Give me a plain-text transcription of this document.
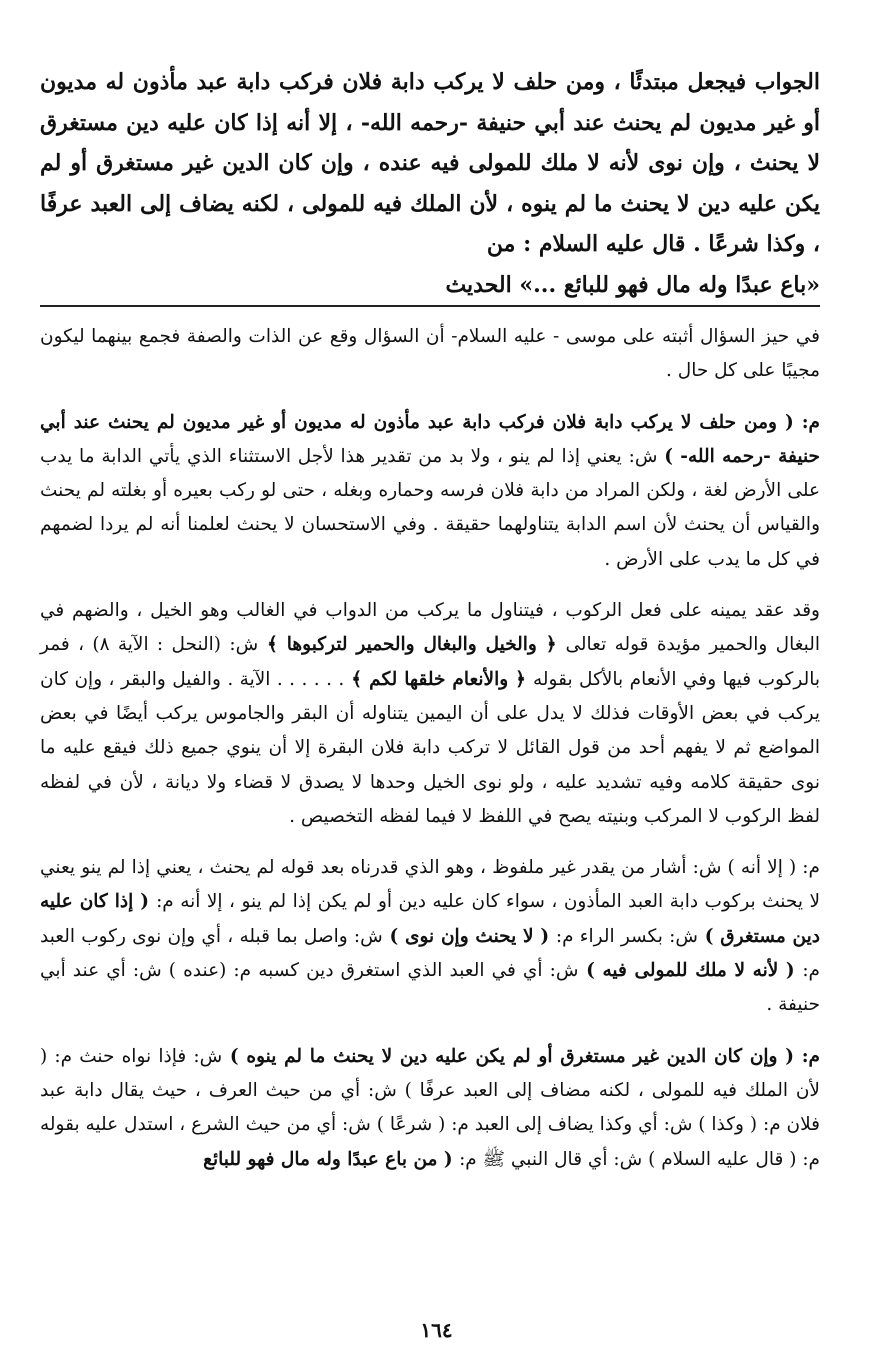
الجواب فيجعل مبتدئًا ، ومن حلف لا يركب دابة فلان فركب دابة عبد مأذون له مديون أو غير مديون لم يحنث عند أبي حنيفة -رحمه الله- ، إلا أنه إذا كان عليه دين مستغرق لا يحنث ، وإن نوى لأنه لا ملك للمولى فيه عنده ، وإن كان الدين غير مستغرق أو لم يكن عليه دين لا يحنث ما لم ينوه ، لأن الملك فيه للمولى ، لكنه يضاف إلى العبد عرفًا ، وكذا شرعًا . قال عليه السلام : من
«باع عبدًا وله مال فهو للبائع ...» الحديث

في حيز السؤال أثبته على موسى - عليه السلام- أن السؤال وقع عن الذات والصفة فجمع بينهما ليكون مجيبًا على كل حال .

م: ( ومن حلف لا يركب دابة فلان فركب دابة عبد مأذون له مديون أو غير مديون لم يحنث عند أبي حنيفة -رحمه الله- ) ش: يعني إذا لم ينو ، ولا بد من تقدير هذا لأجل الاستثناء الذي يأتي الدابة ما يدب على الأرض لغة ، ولكن المراد من دابة فلان فرسه وحماره وبغله ، حتى لو ركب بعيره أو بغلته لم يحنث والقياس أن يحنث لأن اسم الدابة يتناولهما حقيقة . وفي الاستحسان لا يحنث لعلمنا أنه لم يردا لضمهم في كل ما يدب على الأرض .

وقد عقد يمينه على فعل الركوب ، فيتناول ما يركب من الدواب في الغالب وهو الخيل ، والضهم في البغال والحمير مؤيدة قوله تعالى ﴿ والخيل والبغال والحمير لتركبوها ﴾ ش: (النحل : الآية ٨) ، فمر بالركوب فيها وفي الأنعام بالأكل بقوله ﴿ والأنعام خلقها لكم ﴾ . . . . . . الآية . والفيل والبقر ، وإن كان يركب في بعض الأوقات فذلك لا يدل على أن اليمين يتناوله أن البقر والجاموس يركب أيضًا في بعض المواضع ثم لا يفهم أحد من قول القائل لا تركب دابة فلان البقرة إلا أن ينوي جميع ذلك فيقع عليه ما نوى حقيقة كلامه وفيه تشديد عليه ، ولو نوى الخيل وحدها لا يصدق لا قضاء ولا ديانة ، لأن في لفظه لفظ الركوب لا المركب وبنيته يصح في اللفظ لا فيما لفظه التخصيص .

م: ( إلا أنه ) ش: أشار من يقدر غير ملفوظ ، وهو الذي قدرناه بعد قوله لم يحنث ، يعني إذا لم ينو يعني لا يحنث بركوب دابة العبد المأذون ، سواء كان عليه دين أو لم يكن إذا لم ينو ، إلا أنه م: ( إذا كان عليه دين مستغرق ) ش: بكسر الراء م: ( لا يحنث وإن نوى ) ش: واصل بما قبله ، أي وإن نوى ركوب العبد م: ( لأنه لا ملك للمولى فيه ) ش: أي في العبد الذي استغرق دين كسبه م: (عنده ) ش: أي عند أبي حنيفة .

م: ( وإن كان الدين غير مستغرق أو لم يكن عليه دين لا يحنث ما لم ينوه ) ش: فإذا نواه حنث م: ( لأن الملك فيه للمولى ، لكنه مضاف إلى العبد عرفًا ) ش: أي من حيث العرف ، حيث يقال دابة عبد فلان م: ( وكذا ) ش: أي وكذا يضاف إلى العبد م: ( شرعًا ) ش: أي من حيث الشرع ، استدل عليه بقوله م: ( قال عليه السلام ) ش: أي قال النبي ﷺ م: ( من باع عبدًا وله مال فهو للبائع

١٦٤
